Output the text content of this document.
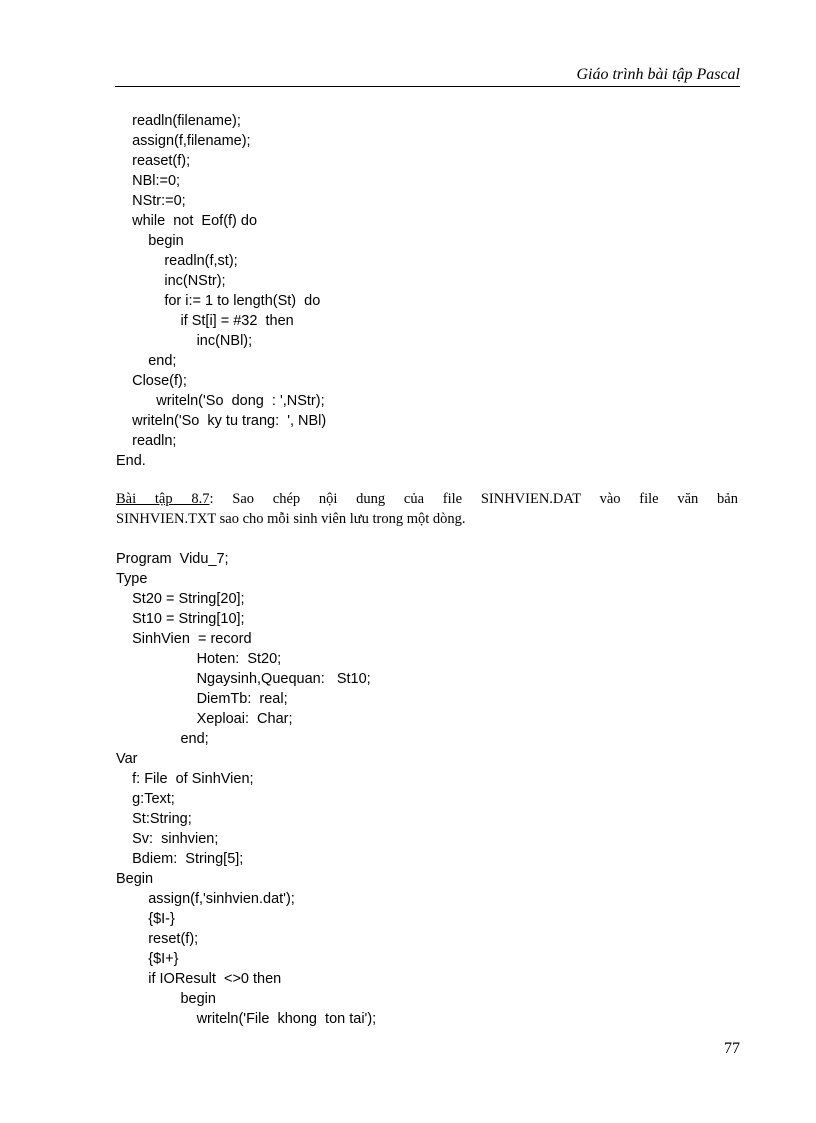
Giáo trình bài tập Pascal
readln(filename);
assign(f,filename);
reaset(f);
NBl:=0;
NStr:=0;
while  not  Eof(f) do
begin
readln(f,st);
inc(NStr);
for i:= 1 to length(St)  do
if St[i] = #32  then
inc(NBl);
end;
Close(f);
writeln('So  dong  : ',NStr);
writeln('So  ky tu trang:  ', NBl)
readln;
End.

Bài tập 8.7: Sao chép nội dung của file SINHVIEN.DAT vào file văn bản

SINHVIEN.TXT sao cho mỗi sinh viên lưu trong một dòng.

Program  Vidu_7;
Type
St20 = String[20];
St10 = String[10];
SinhVien  = record
Hoten:  St20;
Ngaysinh,Quequan:   St10;
DiemTb:  real;
Xeploai:  Char;
end;
Var
f: File  of SinhVien;
g:Text;
St:String;
Sv:  sinhvien;
Bdiem:  String[5];
Begin
assign(f,'sinhvien.dat');
{$I-}
reset(f);
{$I+}
if IOResult  <>0 then
begin
writeln('File  khong  ton tai');
77
